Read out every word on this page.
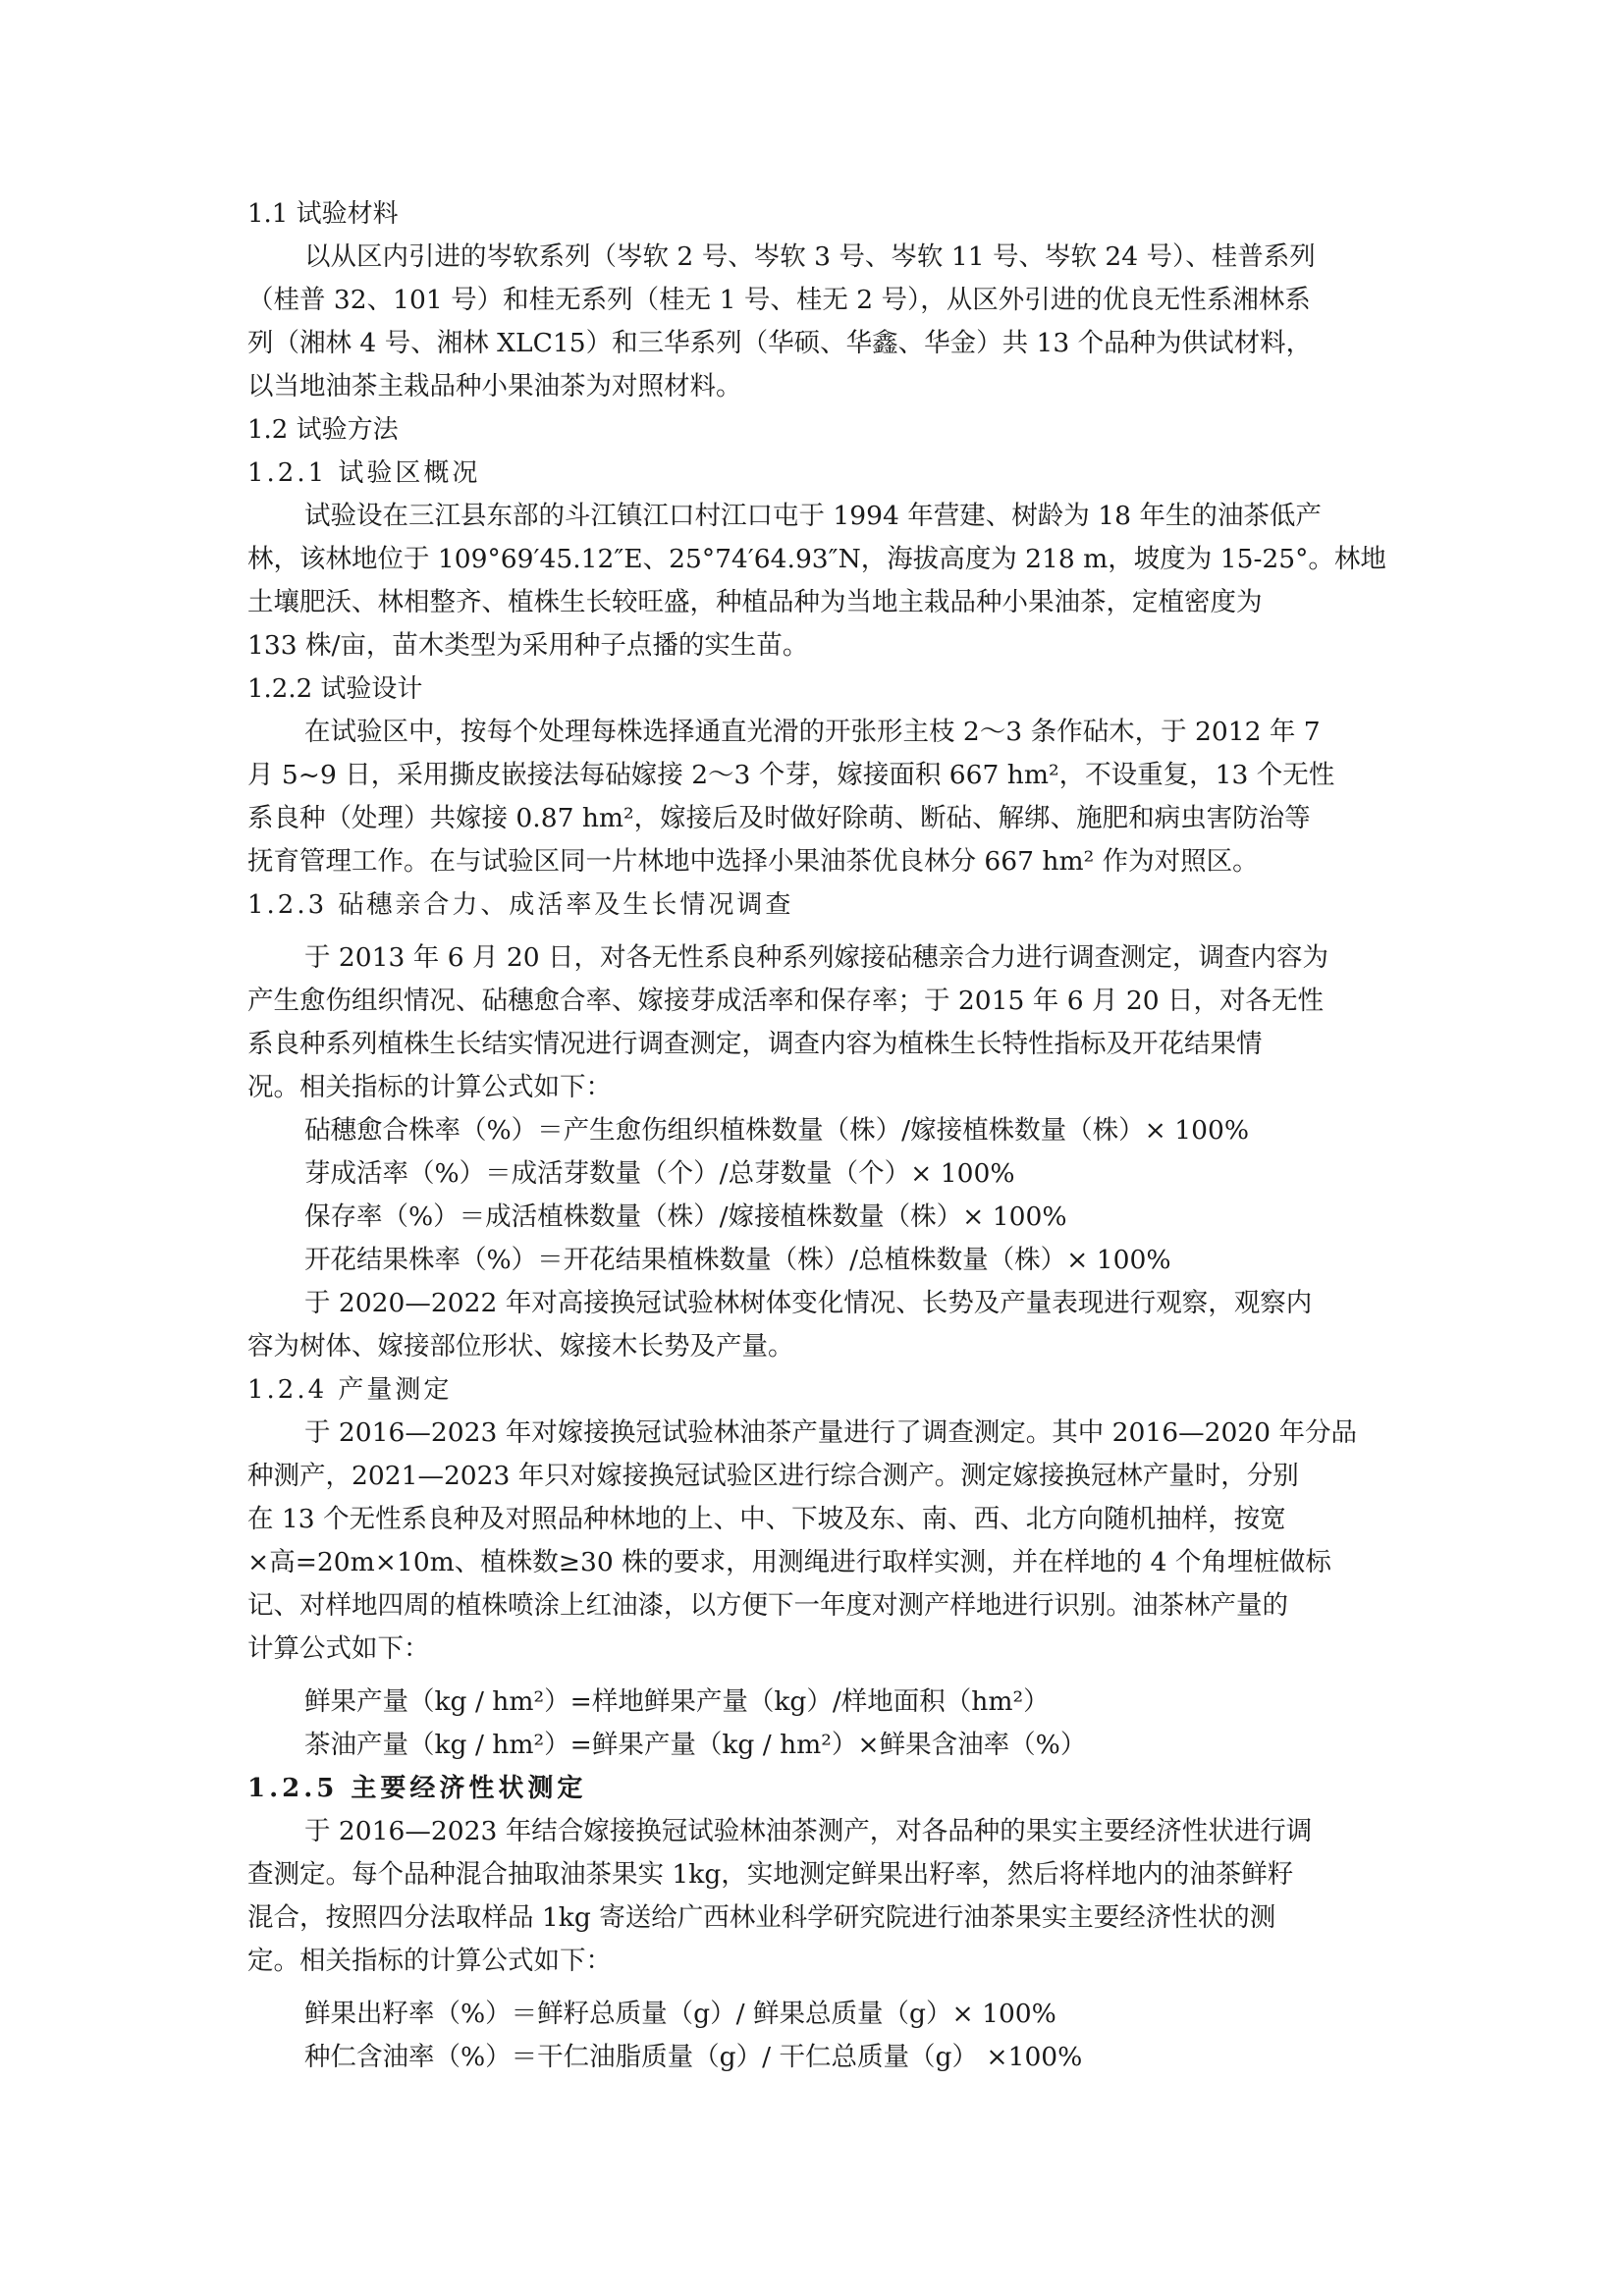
1.1 试验材料

以从区内引进的岑软系列（岑软 2 号、岑软 3 号、岑软 11 号、岑软 24 号）、桂普系列

（桂普 32、101 号）和桂无系列（桂无 1 号、桂无 2 号），从区外引进的优良无性系湘林系

列（湘林 4 号、湘林 XLC15）和三华系列（华硕、华鑫、华金）共 13 个品种为供试材料，

以当地油茶主栽品种小果油茶为对照材料。

1.2 试验方法

1.2.1 试验区概况

试验设在三江县东部的斗江镇江口村江口屯于 1994 年营建、树龄为 18 年生的油茶低产

林，该林地位于 109°69′45.12″E、25°74′64.93″N，海拔高度为 218 m，坡度为 15-25°。林地

土壤肥沃、林相整齐、植株生长较旺盛，种植品种为当地主栽品种小果油茶，定植密度为

133 株/亩，苗木类型为采用种子点播的实生苗。

1.2.2 试验设计

在试验区中，按每个处理每株选择通直光滑的开张形主枝 2～3 条作砧木，于 2012 年 7

月 5~9 日，采用撕皮嵌接法每砧嫁接 2～3 个芽，嫁接面积 667 hm²，不设重复，13 个无性

系良种（处理）共嫁接 0.87 hm²，嫁接后及时做好除萌、断砧、解绑、施肥和病虫害防治等

抚育管理工作。在与试验区同一片林地中选择小果油茶优良林分 667 hm² 作为对照区。

1.2.3 砧穗亲合力、成活率及生长情况调查

于 2013 年 6 月 20 日，对各无性系良种系列嫁接砧穗亲合力进行调查测定，调查内容为

产生愈伤组织情况、砧穗愈合率、嫁接芽成活率和保存率；于 2015 年 6 月 20 日，对各无性

系良种系列植株生长结实情况进行调查测定，调查内容为植株生长特性指标及开花结果情

况。相关指标的计算公式如下：

砧穗愈合株率（%）＝产生愈伤组织植株数量（株）/嫁接植株数量（株）× 100%

芽成活率（%）＝成活芽数量（个）/总芽数量（个）× 100%

保存率（%）＝成活植株数量（株）/嫁接植株数量（株）× 100%

开花结果株率（%）＝开花结果植株数量（株）/总植株数量（株）× 100%

于 2020—2022 年对高接换冠试验林树体变化情况、长势及产量表现进行观察，观察内

容为树体、嫁接部位形状、嫁接木长势及产量。

1.2.4 产量测定

于 2016—2023 年对嫁接换冠试验林油茶产量进行了调查测定。其中 2016—2020 年分品

种测产，2021—2023 年只对嫁接换冠试验区进行综合测产。测定嫁接换冠林产量时，分别

在 13 个无性系良种及对照品种林地的上、中、下坡及东、南、西、北方向随机抽样，按宽

×高=20m×10m、植株数≥30 株的要求，用测绳进行取样实测，并在样地的 4 个角埋桩做标

记、对样地四周的植株喷涂上红油漆，以方便下一年度对测产样地进行识别。油茶林产量的

计算公式如下：

鲜果产量（kg / hm²）=样地鲜果产量（kg）/样地面积（hm²）

茶油产量（kg / hm²）=鲜果产量（kg / hm²）×鲜果含油率（%）

1.2.5 主要经济性状测定

于 2016—2023 年结合嫁接换冠试验林油茶测产，对各品种的果实主要经济性状进行调

查测定。每个品种混合抽取油茶果实 1kg，实地测定鲜果出籽率，然后将样地内的油茶鲜籽

混合，按照四分法取样品 1kg 寄送给广西林业科学研究院进行油茶果实主要经济性状的测

定。相关指标的计算公式如下：

鲜果出籽率（%）＝鲜籽总质量（g）/ 鲜果总质量（g）× 100%

种仁含油率（%）＝干仁油脂质量（g）/ 干仁总质量（g） ×100%
